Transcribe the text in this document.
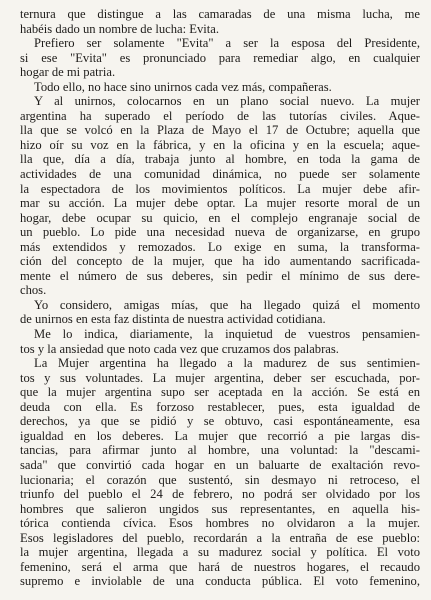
ternura que distingue a las camaradas de una misma lucha, me
habéis dado un nombre de lucha: Evita.
Prefiero ser solamente "Evita" a ser la esposa del Presidente,
si ese "Evita" es pronunciado para remediar algo, en cualquier
hogar de mi patria.
Todo ello, no hace sino unirnos cada vez más, compañeras.
Y al unirnos, colocarnos en un plano social nuevo. La mujer
argentina ha superado el período de las tutorías civiles. Aque-
lla que se volcó en la Plaza de Mayo el 17 de Octubre; aquella que
hizo oír su voz en la fábrica, y en la oficina y en la escuela; aque-
lla que, día a día, trabaja junto al hombre, en toda la gama de
actividades de una comunidad dinámica, no puede ser solamente
la espectadora de los movimientos políticos. La mujer debe afir-
mar su acción. La mujer debe optar. La mujer resorte moral de un
hogar, debe ocupar su quicio, en el complejo engranaje social de
un pueblo. Lo pide una necesidad nueva de organizarse, en grupo
más extendidos y remozados. Lo exige en suma, la transforma-
ción del concepto de la mujer, que ha ido aumentando sacrificada-
mente el número de sus deberes, sin pedir el mínimo de sus dere-
chos.
Yo considero, amigas mías, que ha llegado quizá el momento
de unirnos en esta faz distinta de nuestra actividad cotidiana.
Me lo indica, diariamente, la inquietud de vuestros pensamien-
tos y la ansiedad que noto cada vez que cruzamos dos palabras.
La Mujer argentina ha llegado a la madurez de sus sentimien-
tos y sus voluntades. La mujer argentina, deber ser escuchada, por-
que la mujer argentina supo ser aceptada en la acción. Se está en
deuda con ella. Es forzoso restablecer, pues, esta igualdad de
derechos, ya que se pidió y se obtuvo, casi espontáneamente, esa
igualdad en los deberes. La mujer que recorrió a pie largas dis-
tancias, para afirmar junto al hombre, una voluntad: la "descami-
sada" que convirtió cada hogar en un baluarte de exaltación revo-
lucionaria; el corazón que sustentó, sin desmayo ni retroceso, el
triunfo del pueblo el 24 de febrero, no podrá ser olvidado por los
hombres que salieron ungidos sus representantes, en aquella his-
tórica contienda cívica. Esos hombres no olvidaron a la mujer.
Esos legisladores del pueblo, recordarán a la entraña de ese pueblo:
la mujer argentina, llegada a su madurez social y política. El voto
femenino, será el arma que hará de nuestros hogares, el recaudo
supremo e inviolable de una conducta pública. El voto femenino,
